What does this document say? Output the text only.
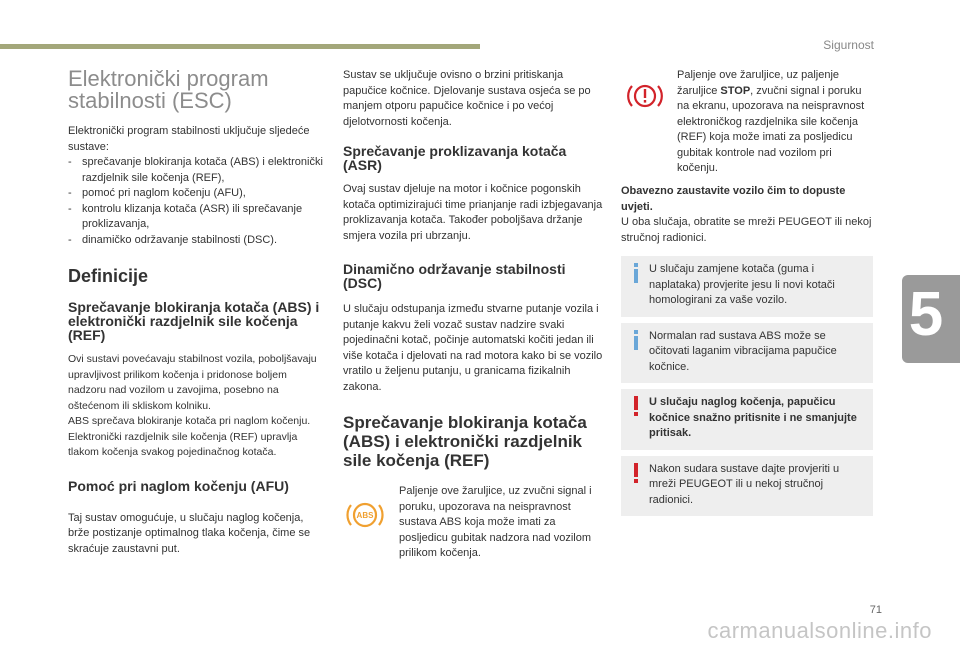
Sigurnost
5
71
carmanualsonline.info
Elektronički program
stabilnosti (ESC)

Elektronički program stabilnosti uključuje sljedeće sustave:

- sprečavanje blokiranja kotača (ABS) i elektronički razdjelnik sile kočenja (REF),
- pomoć pri naglom kočenju (AFU),
- kontrolu klizanja kotača (ASR) ili sprečavanje proklizavanja,
- dinamičko održavanje stabilnosti (DSC).
Definicije
Sprečavanje blokiranja kotača (ABS) i elektronički razdjelnik sile kočenja (REF)
Ovi sustavi povećavaju stabilnost vozila, poboljšavaju upravljivost prilikom kočenja i pridonose boljem nadzoru nad vozilom u zavojima, posebno na oštećenom ili skliskom kolniku.
ABS sprečava blokiranje kotača pri naglom kočenju.
Elektronički razdjelnik sile kočenja (REF) upravlja tlakom kočenja svakog pojedinačnog kotača.
Pomoć pri naglom kočenju (AFU)

Taj sustav omogućuje, u slučaju naglog kočenja, brže postizanje optimalnog tlaka kočenja, čime se skraćuje zaustavni put.

Sustav se uključuje ovisno o brzini pritiskanja papučice kočnice. Djelovanje sustava osjeća se po manjem otporu papučice kočnice i po većoj djelotvornosti kočenja.

Sprečavanje proklizavanja kotača (ASR)

Ovaj sustav djeluje na motor i kočnice pogonskih kotača optimizirajući time prianjanje radi izbjegavanja proklizavanja kotača. Također poboljšava držanje smjera vozila pri ubrzanju.

Dinamično održavanje stabilnosti (DSC)

U slučaju odstupanja između stvarne putanje vozila i putanje kakvu želi vozač sustav nadzire svaki pojedinačni kotač, počinje automatski kočiti jedan ili više kotača i djelovati na rad motora kako bi se vozilo vratilo u željenu putanju, u granicama fizikalnih zakona.

Sprečavanje blokiranja kotača (ABS) i elektronički razdjelnik sile kočenja (REF)
ABS

Paljenje ove žaruljice, uz zvučni signal i poruku, upozoravа na neispravnost sustava ABS koja može imati za posljedicu gubitak nadzora nad vozilom prilikom kočenja.

Paljenje ove žaruljice, uz paljenje žaruljice STOP, zvučni signal i poruku na ekranu, upozorava na neispravnost elektroničkog razdjelnika sile kočenja (REF) koja može imati za posljedicu gubitak kontrole nad vozilom pri kočenju.

Obavezno zaustavite vozilo čim to dopuste uvjeti.

U oba slučaja, obratite se mreži PEUGEOT ili nekoj stručnoj radionici.

U slučaju zamjene kotača (guma i naplataka) provjerite jesu li novi kotači homologirani za vaše vozilo.
Normalan rad sustava ABS može se očitovati laganim vibracijama papučice kočnice.
U slučaju naglog kočenja, papučicu kočnice snažno pritisnite i ne smanjujte pritisak.
Nakon sudara sustave dajte provjeriti u mreži PEUGEOT ili u nekoj stručnoj radionici.
